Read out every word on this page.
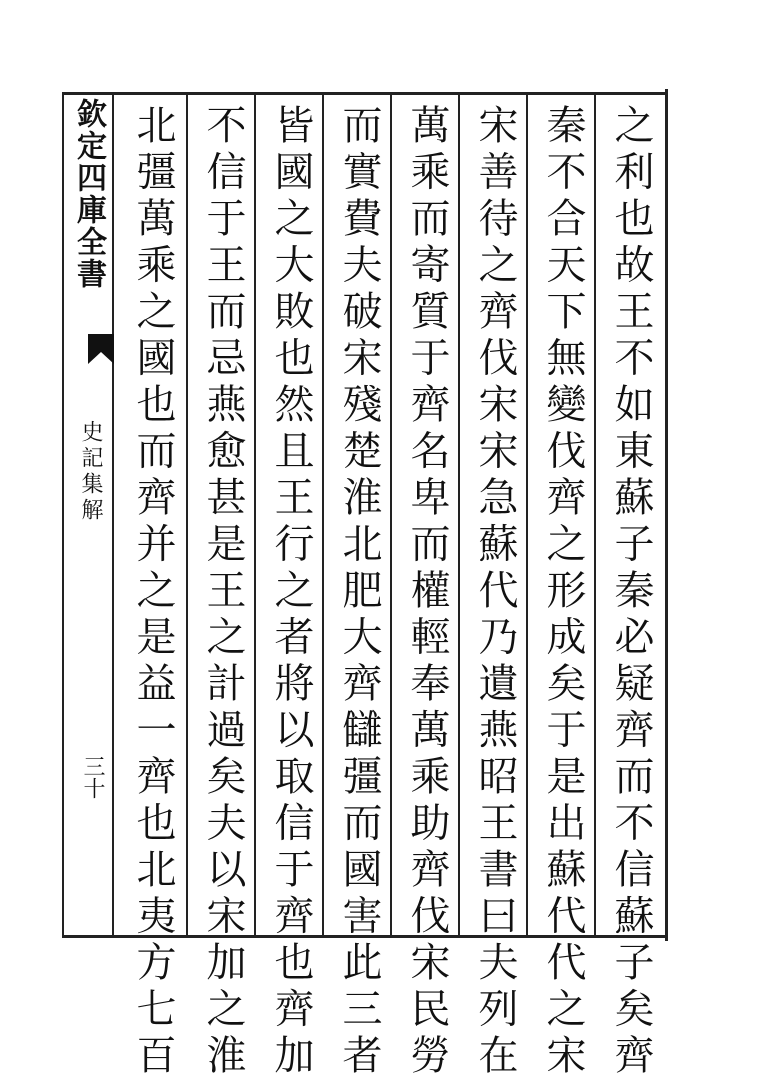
欽定四庫全書
史記集解
三十	之利也故王不如東蘇子秦必疑齊而不信蘇子矣齊
秦不合天下無變伐齊之形成矣于是出蘇代代之宋
宋善待之齊伐宋宋急蘇代乃遺燕昭王書曰夫列在
萬乘而寄質于齊名卑而權輕奉萬乘助齊伐宋民勞
而實費夫破宋殘楚淮北肥大齊讎彊而國害此三者
皆國之大敗也然且王行之者將以取信于齊也齊加
不信于王而忌燕愈甚是王之計過矣夫以宋加之淮
北彊萬乘之國也而齊并之是益一齊也北夷方七百
